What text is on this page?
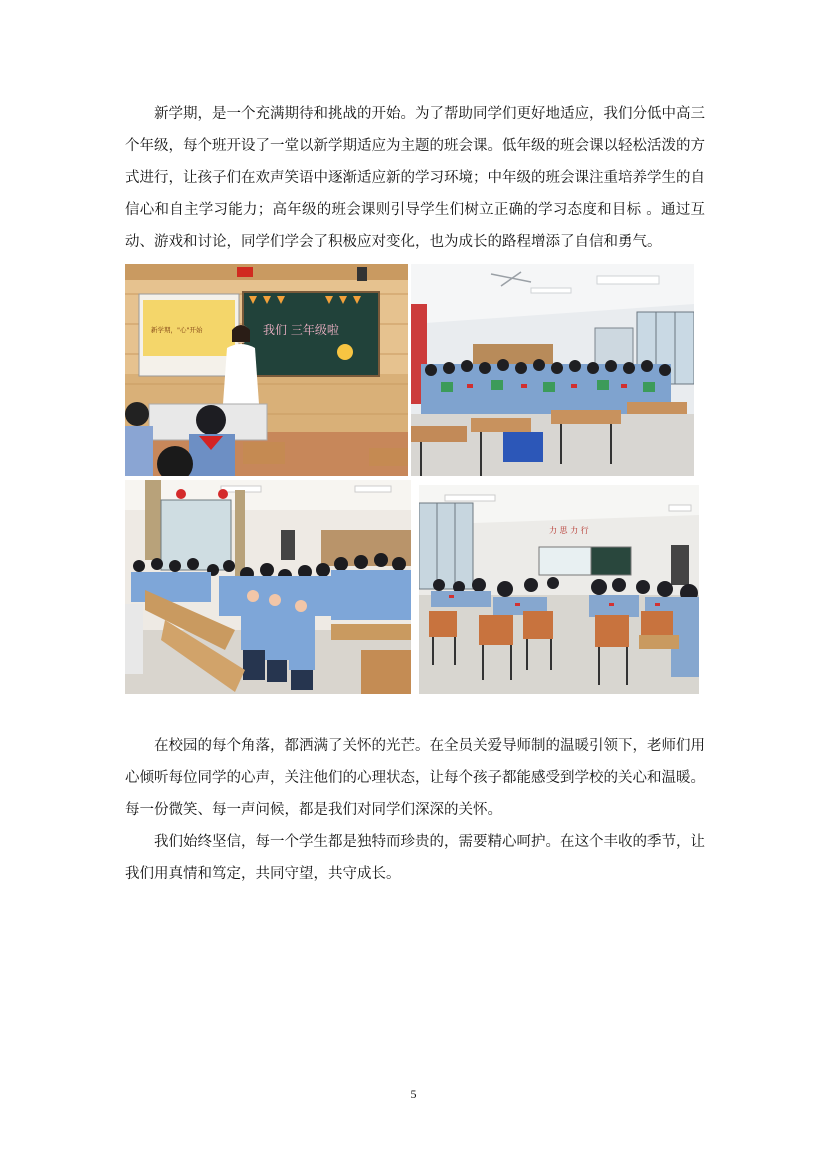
新学期，是一个充满期待和挑战的开始。为了帮助同学们更好地适应，我们分低中高三个年级，每个班开设了一堂以新学期适应为主题的班会课。低年级的班会课以轻松活泼的方式进行，让孩子们在欢声笑语中逐渐适应新的学习环境；中年级的班会课注重培养学生的自信心和自主学习能力；高年级的班会课则引导学生们树立正确的学习态度和目标 。通过互动、游戏和讨论，同学们学会了积极应对变化，也为成长的路程增添了自信和勇气。

新学期，"心"开始	我们 三年级啦
力 思 力 行

在校园的每个角落，都洒满了关怀的光芒。在全员关爱导师制的温暖引领下，老师们用心倾听每位同学的心声，关注他们的心理状态，让每个孩子都能感受到学校的关心和温暖。每一份微笑、每一声问候，都是我们对同学们深深的关怀。

我们始终坚信，每一个学生都是独特而珍贵的，需要精心呵护。在这个丰收的季节，让我们用真情和笃定，共同守望，共守成长。

5
